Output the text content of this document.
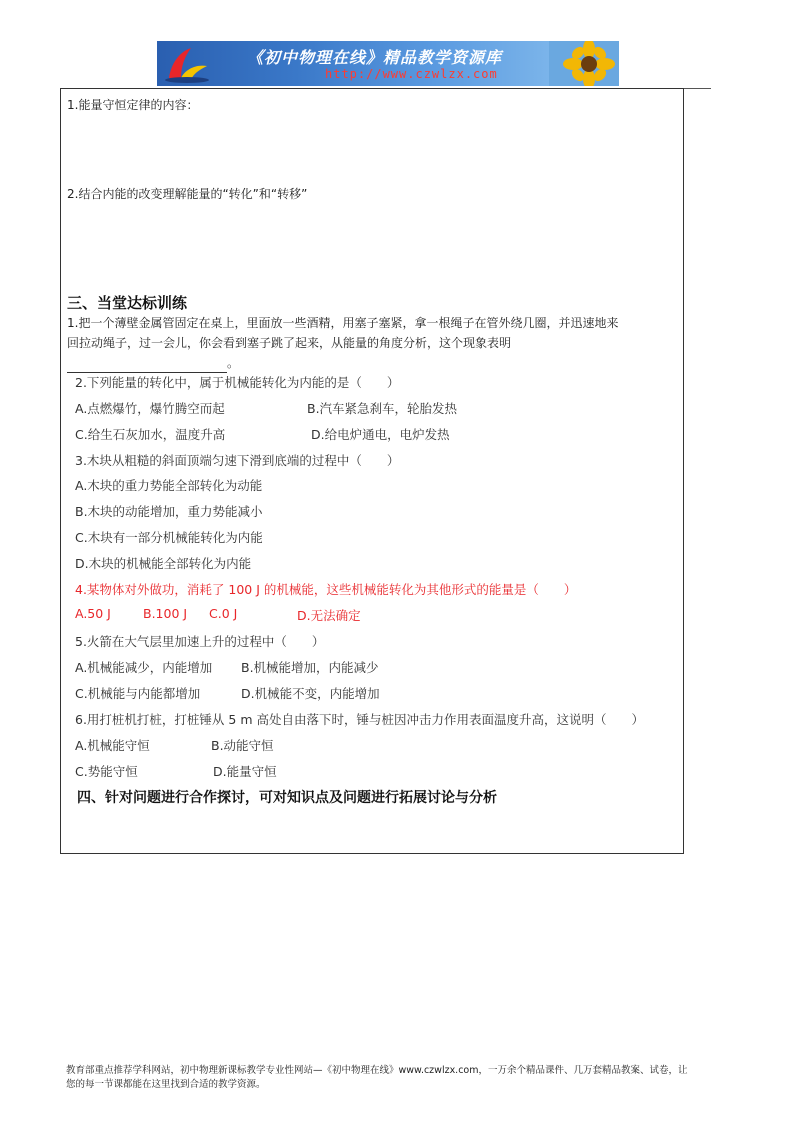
《初中物理在线》精品教学资源库
http://www.czwlzx.com
1.能量守恒定律的内容：
2.结合内能的改变理解能量的“转化”和“转移”
三、当堂达标训练
1.把一个薄壁金属管固定在桌上，里面放一些酒精，用塞子塞紧，拿一根绳子在管外绕几圈，并迅速地来
回拉动绳子，过一会儿，你会看到塞子跳了起来，从能量的角度分析，这个现象表明
。
2.下列能量的转化中，属于机械能转化为内能的是（　　）
A.点燃爆竹，爆竹腾空而起	B.汽车紧急刹车，轮胎发热
C.给生石灰加水，温度升高	D.给电炉通电，电炉发热
3.木块从粗糙的斜面顶端匀速下滑到底端的过程中（　　）
A.木块的重力势能全部转化为动能
B.木块的动能增加，重力势能减小
C.木块有一部分机械能转化为内能
D.木块的机械能全部转化为内能
4.某物体对外做功，消耗了 100 J 的机械能，这些机械能转化为其他形式的能量是（　　）
A.50 J	B.100 J C.0 J	D.无法确定
5.火箭在大气层里加速上升的过程中（　　）
A.机械能减少，内能增加 B.机械能增加，内能减少
C.机械能与内能都增加	D.机械能不变，内能增加
6.用打桩机打桩，打桩锤从 5 m 高处自由落下时，锤与桩因冲击力作用表面温度升高，这说明（　　）
A.机械能守恒	B.动能守恒
C.势能守恒	D.能量守恒
四、针对问题进行合作探讨，可对知识点及问题进行拓展讨论与分析
教育部重点推荐学科网站，初中物理新课标教学专业性网站—《初中物理在线》www.czwlzx.com，一万余个精品课件、几万套精品教案、试卷，让
您的每一节课都能在这里找到合适的教学资源。
